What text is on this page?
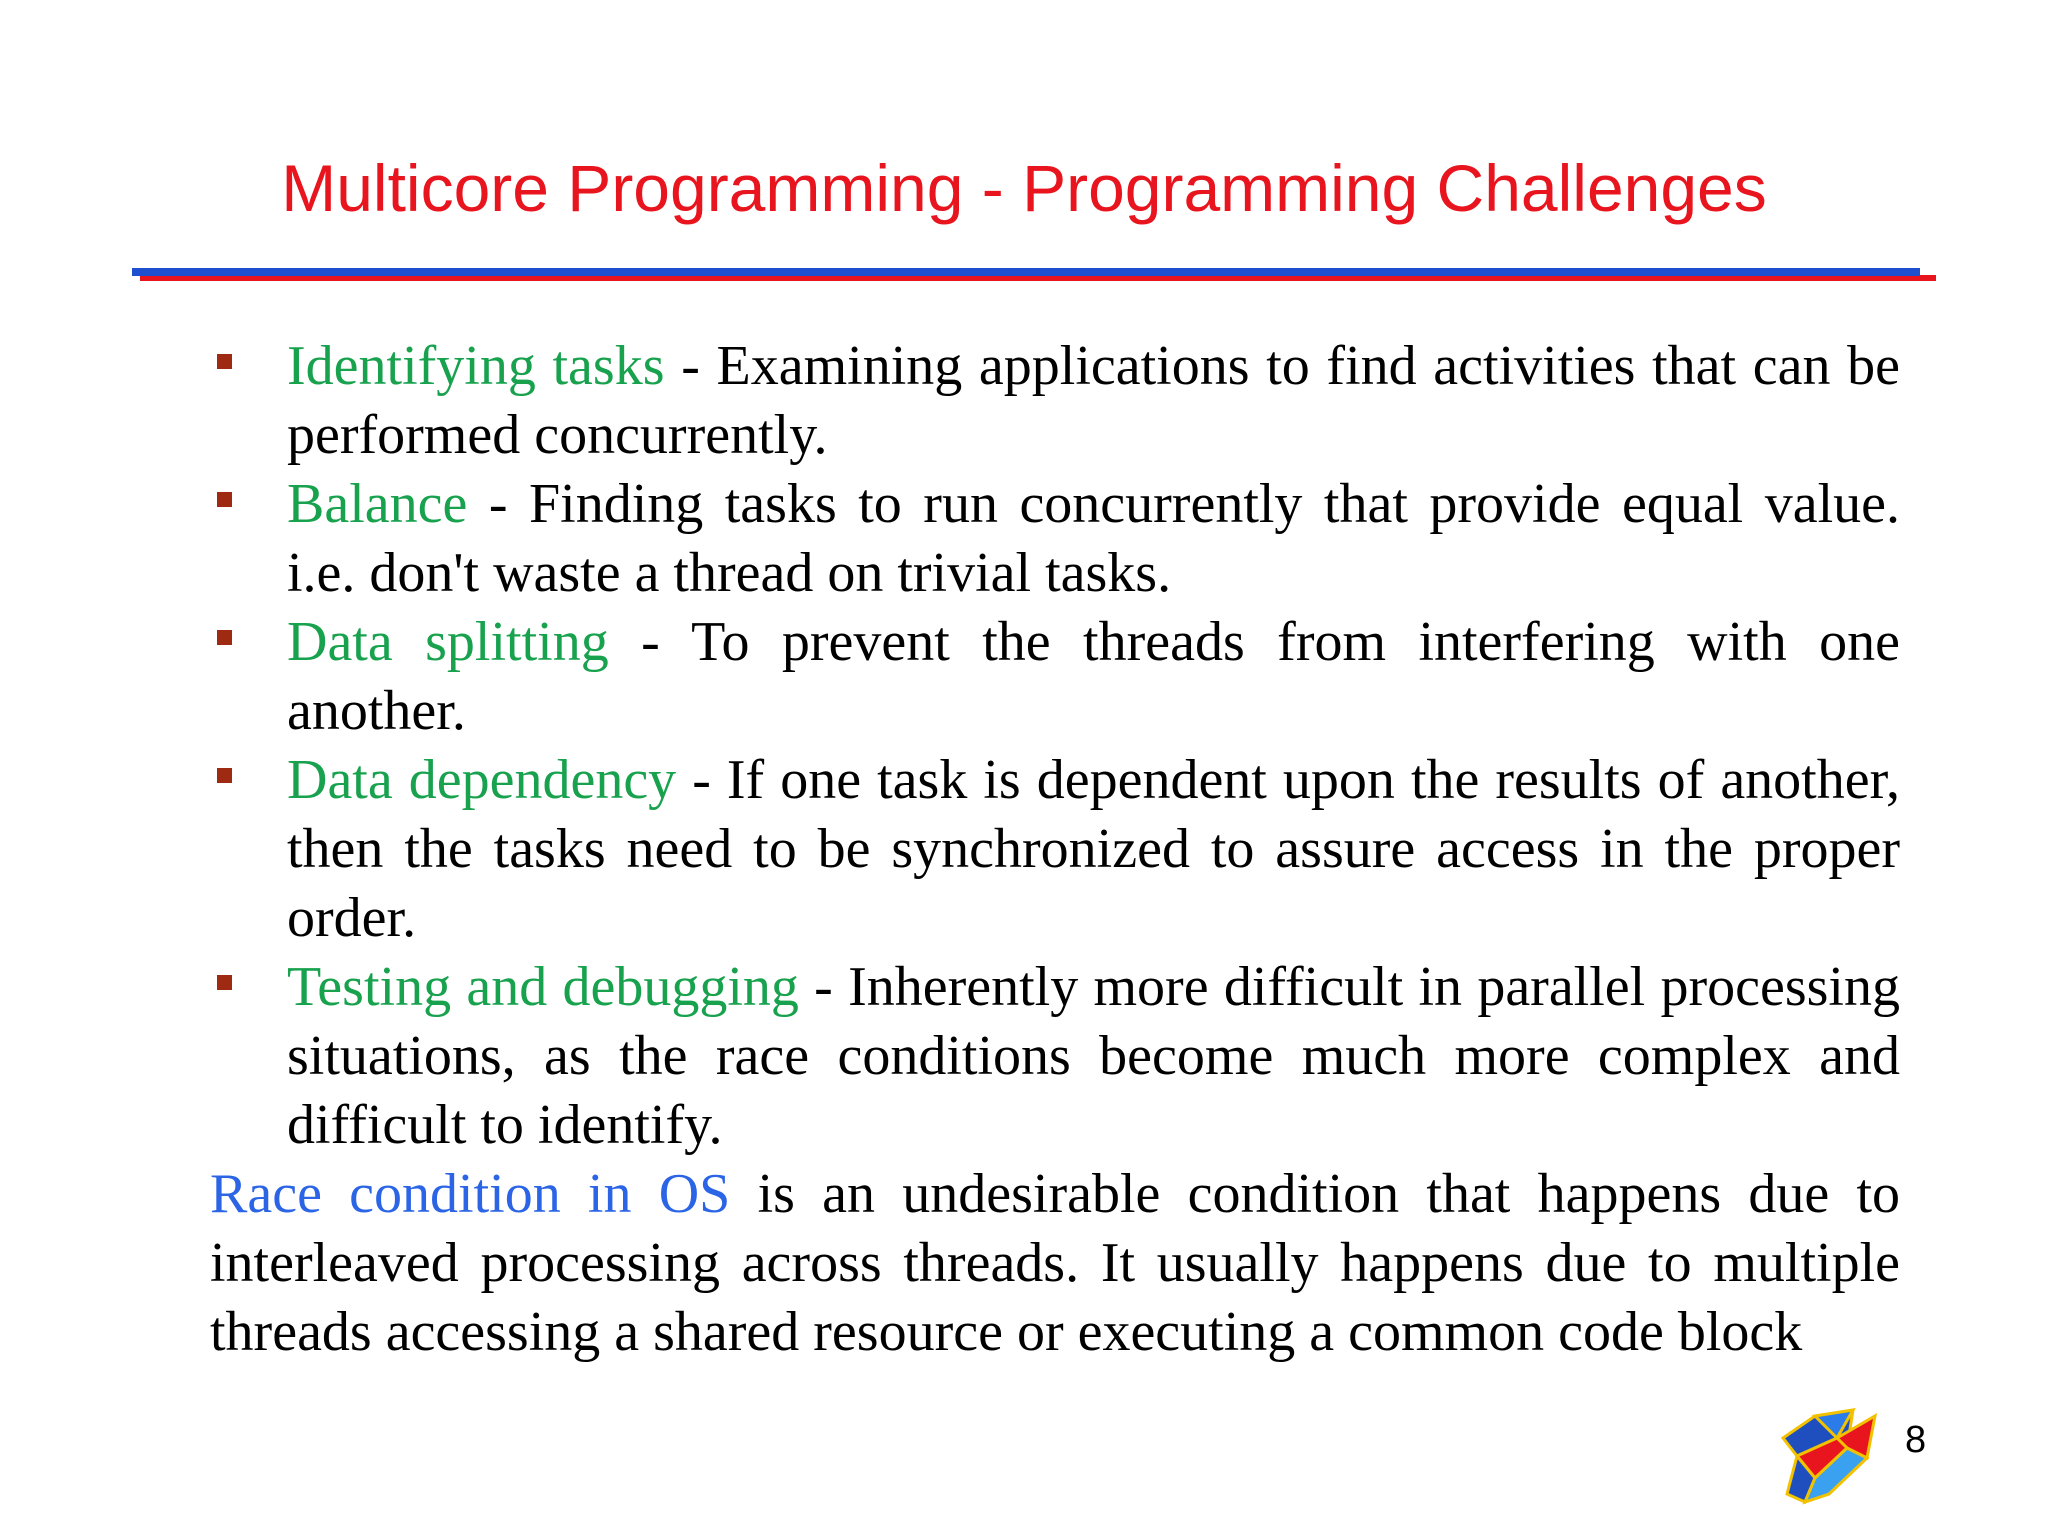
Multicore Programming - Programming Challenges
Identifying tasks - Examining applications to find activities that can be performed concurrently.
Balance - Finding tasks to run concurrently that provide equal value. i.e. don't waste a thread on trivial tasks.
Data splitting - To prevent the threads from interfering with one another.
Data dependency - If one task is dependent upon the results of another, then the tasks need to be synchronized to assure access in the proper order.
Testing and debugging - Inherently more difficult in parallel processing situations, as the race conditions become much more complex and difficult to identify.

Race condition in OS is an undesirable condition that happens due to interleaved processing across threads. It usually happens due to multiple threads accessing a shared resource or executing a common code block

8
